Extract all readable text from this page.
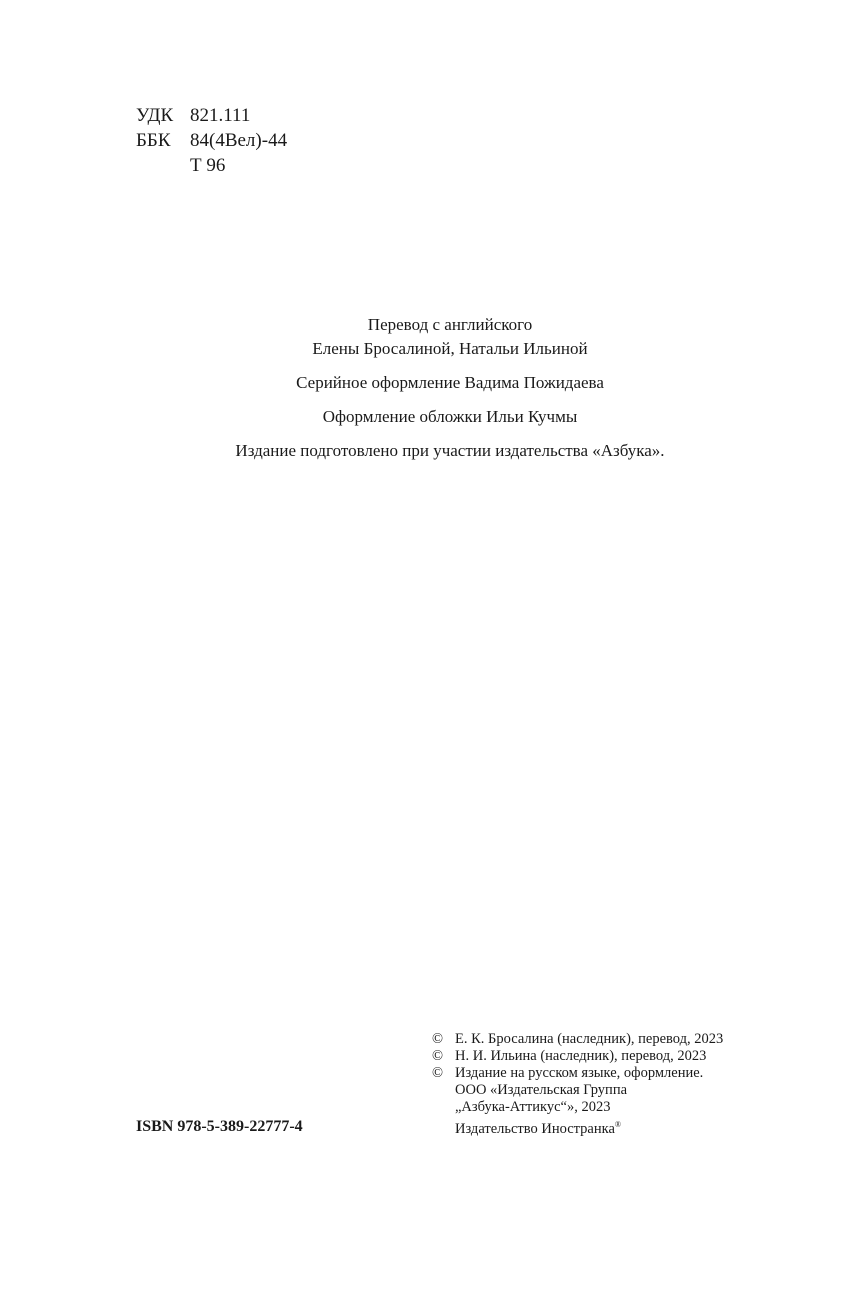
УДК 821.111
ББК	84(4Вел)-44
Т 96

Перевод с английского

Елены Бросалиной, Натальи Ильиной

Серийное оформление Вадима Пожидаева

Оформление обложки Ильи Кучмы

Издание подготовлено при участии издательства «Азбука».

ISBN 978-5-389-22777-4
© Е. К. Бросалина (наследник), перевод, 2023
© Н. И. Ильина (наследник), перевод, 2023
© Издание на русском языке, оформление.
ООО «Издательская Группа
„Азбука-Аттикус“», 2023
Издательство Иностранка®
